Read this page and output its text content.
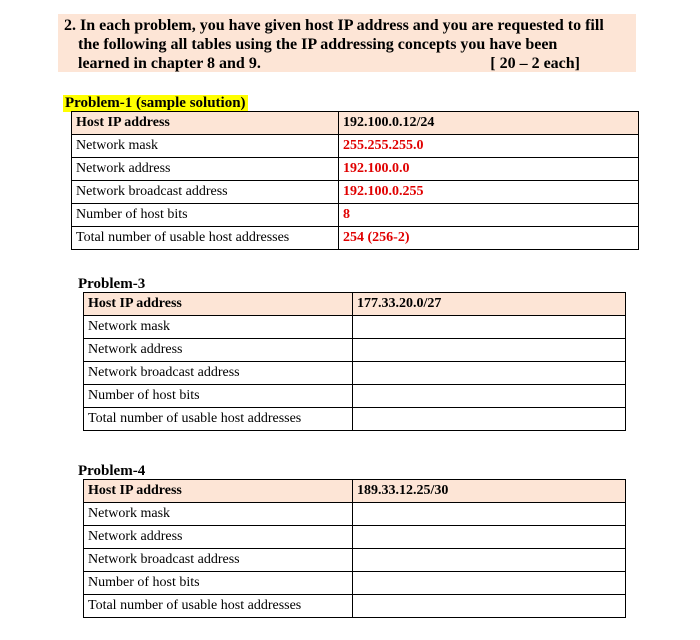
2. In each problem, you have given host IP address and you are requested to fill
the following all tables using the IP addressing concepts you have been
learned in chapter 8 and 9.	[ 20 – 2 each]
Problem-1 (sample solution)
Host IP address	192.100.0.12/24
Network mask	255.255.255.0
Network address	192.100.0.0
Network broadcast address	192.100.0.255
Number of host bits	8
Total number of usable host addresses	254 (256-2)
Problem-3
Host IP address	177.33.20.0/27
Network mask	
Network address	
Network broadcast address	
Number of host bits	
Total number of usable host addresses	
Problem-4
Host IP address	189.33.12.25/30
Network mask	
Network address	
Network broadcast address	
Number of host bits	
Total number of usable host addresses	
